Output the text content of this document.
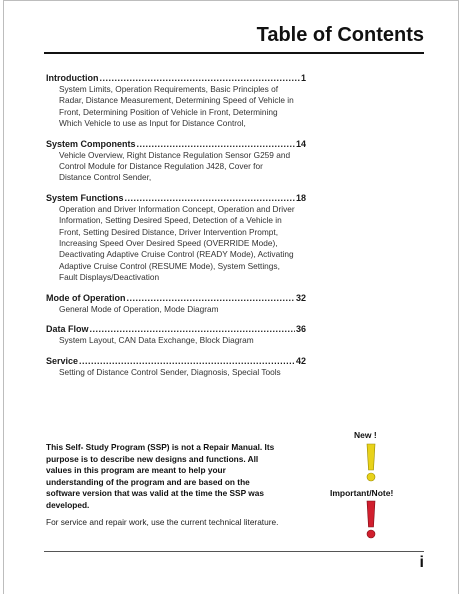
Table of Contents
Introduction .....	1
System Limits, Operation Requirements, Basic Principles of Radar, Distance Measurement, Determining Speed of Vehicle in Front, Determining Position of Vehicle in Front, Determining Which Vehicle to use as Input for Distance Control,
System Components .....	14
Vehicle Overview, Right Distance Regulation Sensor G259 and Control Module for Distance Regulation J428, Cover for Distance Control Sender,
System Functions .....	18
Operation and Driver Information Concept, Operation and Driver Information, Setting Desired Speed, Detection of a Vehicle in Front, Setting Desired Distance, Driver Intervention Prompt, Increasing Speed Over Desired Speed (OVERRIDE Mode), Deactivating Adaptive Cruise Control (READY Mode), Activating Adaptive Cruise Control (RESUME Mode), System Settings, Fault Displays/Deactivation
Mode of Operation .....	32
General Mode of Operation, Mode Diagram
Data Flow .....	36
System Layout, CAN Data Exchange, Block Diagram
Service .....	42
Setting of Distance Control Sender, Diagnosis, Special Tools
This Self- Study Program (SSP) is not a Repair Manual. Its purpose is to describe new designs and functions. All values in this program are meant to help your understanding of the program and are based on the software version that was valid at the time the SSP was developed.
For service and repair work, use the current technical literature.
New !
Important/Note!
i
